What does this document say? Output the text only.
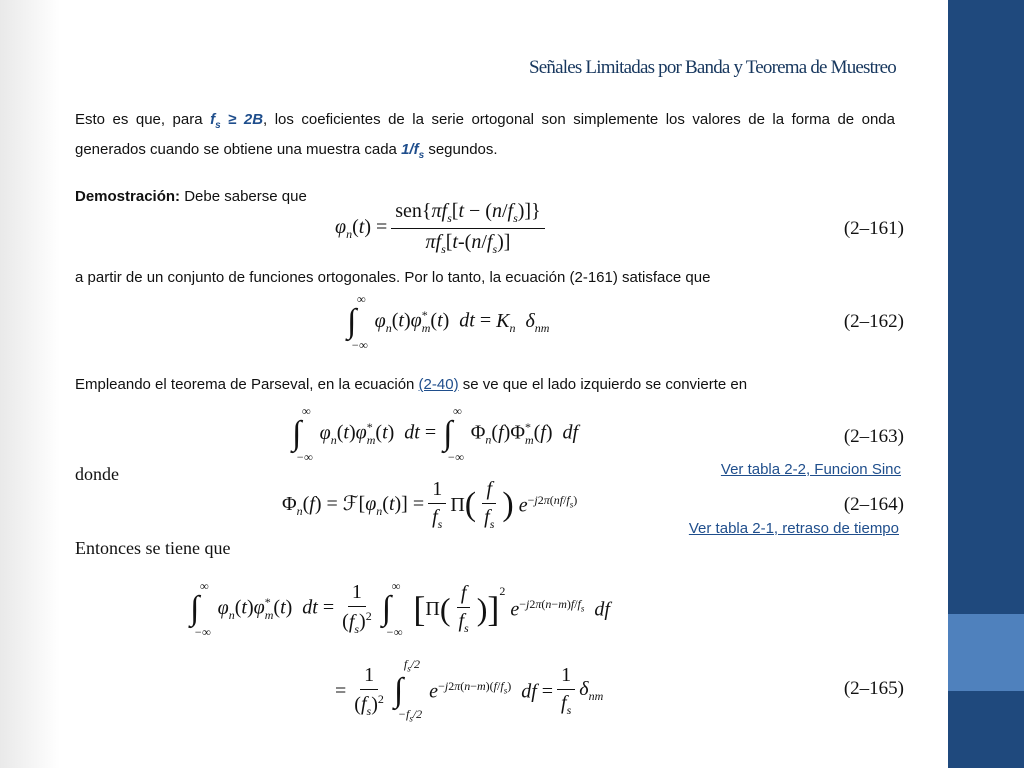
Señales Limitadas por Banda y Teorema de Muestreo

Esto es que, para $f_s \ge 2B$, los coeficientes de la serie ortogonal son simplemente los valores de la forma de onda generados cuando se obtiene una muestra cada $1/f_s$ segundos.

Demostración: Debe saberse que

$\varphi_n(t) = \frac{sen\{\pi f_s[t - (n/f_s)]\}}{\pi f_s[t-(n/f_s)]}$	(2–161)

a partir de un conjunto de funciones ortogonales. Por lo tanto, la ecuación (2-161) satisface que

∞
∫
−∞
$\varphi_n(t)\varphi^*_m(t)$  dt = $K_n$ $\delta_{nm}$	(2–162)

Empleando el teorema de Parseval, en la ecuación (2-40) se ve que el lado izquierdo se convierte en

∞
∫
−∞
$\varphi_n(t)\varphi^*_m(t)$  dt =
∞
∫
−∞
$\Phi_n(f)\Phi^*_m(f)$  df	(2–163)
donde	Ver tabla 2-2, Funcion Sinc
$\Phi_n(f)$ = $ℱ[\varphi_n(t)] = \frac{1}{f_s}$ Π ( $\frac{f}{f_s}$ ) $e^{-j2\pi(nf/f_s)}$	(2–164)
Entonces se tiene que
Ver tabla 2-1, retraso de tiempo
∞
∫
−∞
$\varphi_n(t)\varphi^*_m(t)$  dt = $\frac{1}{(f_s)^2}$	∞
∫
−∞
[ Π ( $\frac{f}{f_s}$ ) ]$^2$
$e^{-j2\pi(n-m)f/f_s}$ df
= $\frac{1}{(f_s)^2}$	$f_s/2$
∫
$-f_s/2$
$e^{-j2\pi(n-m)(f/f_s)}$ df = $\frac{1}{f_s} \delta_{nm}$	(2–165)
